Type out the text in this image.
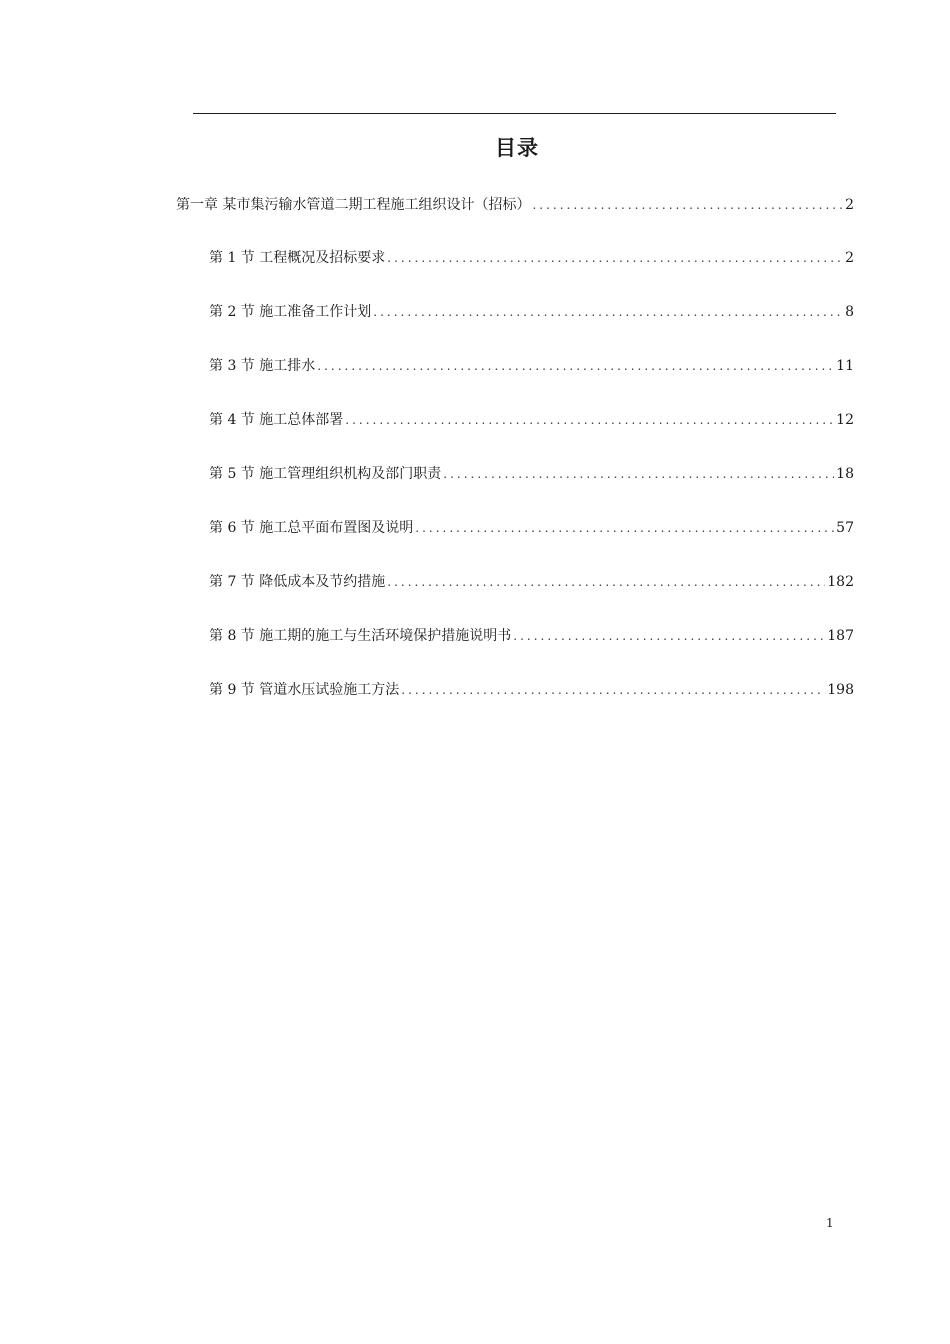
目录
第一章 某市集污输水管道二期工程施工组织设计（招标） .....	2
第 1 节 工程概况及招标要求 .....	2
第 2 节 施工准备工作计划 .....	8
第 3 节 施工排水 .....	11
第 4 节 施工总体部署 .....	12
第 5 节 施工管理组织机构及部门职责 .....	18
第 6 节 施工总平面布置图及说明 .....	57
第 7 节 降低成本及节约措施 .....	182
第 8 节 施工期的施工与生活环境保护措施说明书 .....	187
第 9 节 管道水压试验施工方法 .....	198
1
